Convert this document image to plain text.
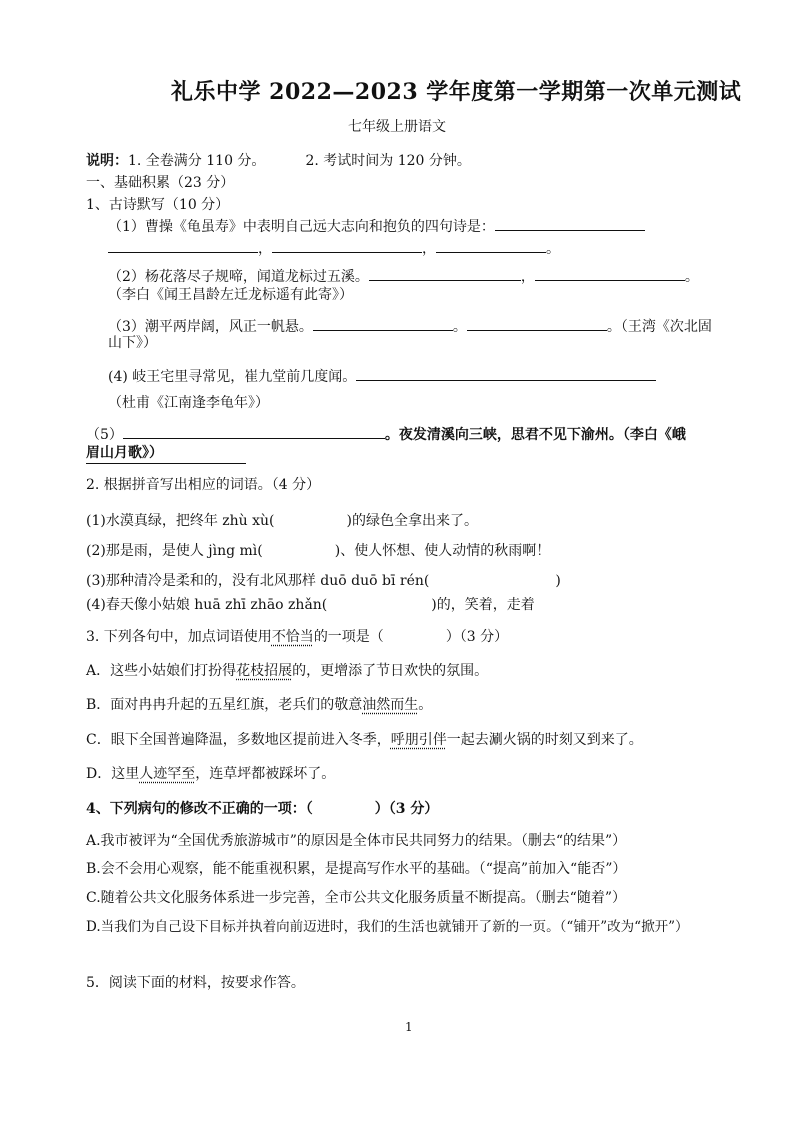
礼乐中学 2022—2023 学年度第一学期第一次单元测试
七年级上册语文
说明：1. 全卷满分 110 分。	2. 考试时间为 120 分钟。
一、基础积累（23 分）
1、古诗默写（10 分）
（1）曹操《龟虽寿》中表明自己远大志向和抱负的四句诗是：
，	，	。
（2）杨花落尽子规啼，闻道龙标过五溪。	，	。
（李白《闻王昌龄左迁龙标遥有此寄》）
（3）潮平两岸阔，风正一帆悬。	。	。（王湾《次北固
山下》）
(4) 岐王宅里寻常见，崔九堂前几度闻。
（杜甫《江南逢李龟年》）
（5）	。夜发清溪向三峡，思君不见下渝州。（李白《峨
眉山月歌》）
2. 根据拼音写出相应的词语。（4 分）
(1)水漠真绿，把终年 zhù xù(	)的绿色全拿出来了。
(2)那是雨，是使人 jìng mì(	)、使人怀想、使人动情的秋雨啊！
(3)那种清冷是柔和的，没有北风那样 duō duō bī rén(	)
(4)春天像小姑娘 huā zhī zhāo zhǎn(	)的，笑着，走着
3. 下列各句中，加点词语使用不恰当的一项是（	）（3 分）
A．这些小姑娘们打扮得花枝招展的，更增添了节日欢快的氛围。
B．面对冉冉升起的五星红旗，老兵们的敬意油然而生。
C．眼下全国普遍降温，多数地区提前进入冬季，呼朋引伴一起去涮火锅的时刻又到来了。
D．这里人迹罕至，连草坪都被踩坏了。
4、下列病句的修改不正确的一项：（	）（3 分）
A.我市被评为“全国优秀旅游城市”的原因是全体市民共同努力的结果。（删去“的结果”）
B.会不会用心观察，能不能重视积累，是提高写作水平的基础。（“提高”前加入“能否”）
C.随着公共文化服务体系进一步完善，全市公共文化服务质量不断提高。（删去“随着”）
D.当我们为自己设下目标并执着向前迈进时，我们的生活也就铺开了新的一页。（“铺开”改为“掀开”）
5．阅读下面的材料，按要求作答。
1
